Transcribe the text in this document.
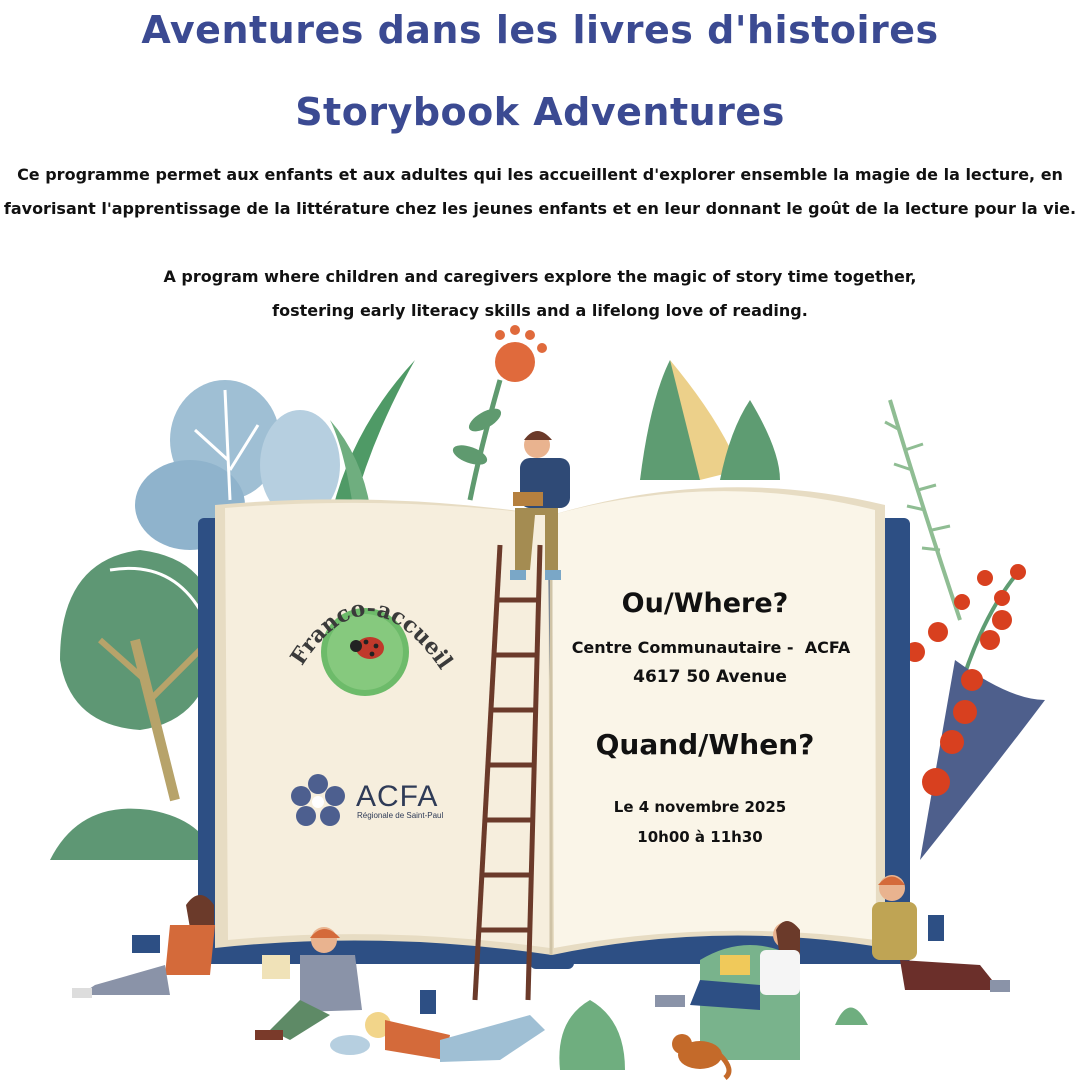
Aventures dans les livres d'histoires
Storybook Adventures
Ce programme permet aux enfants et aux adultes qui les accueillent d'explorer ensemble la magie de la lecture, en
favorisant l'apprentissage de la littérature chez les jeunes enfants et en leur donnant le goût de la lecture pour la vie.
A program where children and caregivers explore the magic of story time together,
fostering early literacy skills and a lifelong love of reading.
Franco-accueil
ACFA
Régionale de Saint-Paul
Ou/Where?
Centre Communautaire -  ACFA
4617 50 Avenue
Quand/When?
Le 4 novembre 2025
10h00 à 11h30
